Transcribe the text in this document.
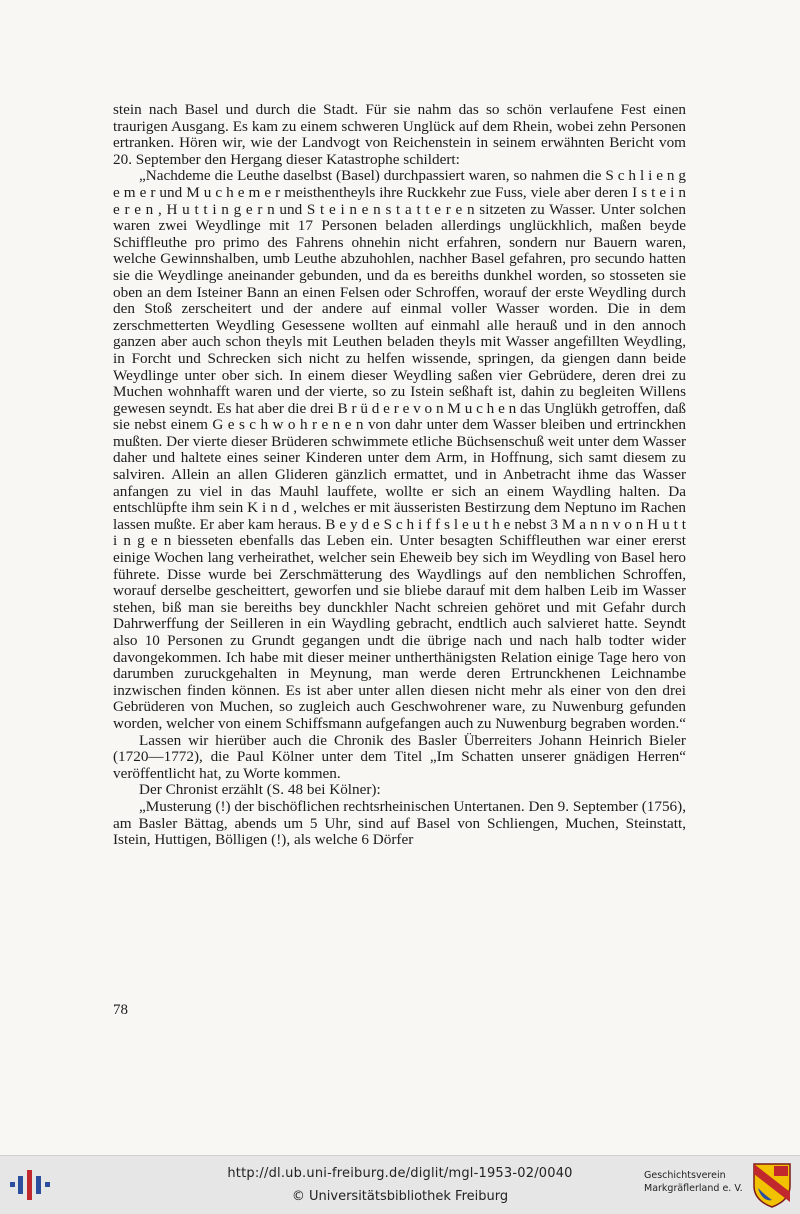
stein nach Basel und durch die Stadt. Für sie nahm das so schön verlaufene Fest einen traurigen Ausgang. Es kam zu einem schweren Unglück auf dem Rhein, wobei zehn Personen ertranken. Hören wir, wie der Landvogt von Reichenstein in seinem erwähnten Bericht vom 20. September den Hergang dieser Katastrophe schildert:

„Nachdeme die Leuthe daselbst (Basel) durchpassiert waren, so nahmen die S c h l i e n g e m e r und M u c h e m e r meisthentheyls ihre Ruckkehr zue Fuss, viele aber deren I s t e i n e r e n , H u t t i n g e r n und S t e i n e n s t a t t e r e n sitzeten zu Wasser. Unter solchen waren zwei Weydlinge mit 17 Personen beladen allerdings unglückhlich, maßen beyde Schiffleuthe pro primo des Fahrens ohnehin nicht erfahren, sondern nur Bauern waren, welche Gewinnshalben, umb Leuthe abzuhohlen, nachher Basel gefahren, pro secundo hatten sie die Weydlinge aneinander gebunden, und da es bereiths dunkhel worden, so stosseten sie oben an dem Isteiner Bann an einen Felsen oder Schroffen, worauf der erste Weydling durch den Stoß zerscheitert und der andere auf einmal voller Wasser worden. Die in dem zerschmetterten Weydling Gesessene wollten auf einmahl alle herauß und in den annoch ganzen aber auch schon theyls mit Leuthen beladen theyls mit Wasser angefillten Weydling, in Forcht und Schrecken sich nicht zu helfen wissende, springen, da giengen dann beide Weydlinge unter ober sich. In einem dieser Weydling saßen vier Gebrüdere, deren drei zu Muchen wohnhafft waren und der vierte, so zu Istein seßhaft ist, dahin zu begleiten Willens gewesen seyndt. Es hat aber die drei B r ü d e r e v o n M u c h e n das Unglükh getroffen, daß sie nebst einem G e s c h w o h r e n e n von dahr unter dem Wasser bleiben und ertrinckhen mußten. Der vierte dieser Brüderen schwimmete etliche Büchsenschuß weit unter dem Wasser daher und haltete eines seiner Kinderen unter dem Arm, in Hoffnung, sich samt diesem zu salviren. Allein an allen Glideren gänzlich ermattet, und in Anbetracht ihme das Wasser anfangen zu viel in das Mauhl lauffete, wollte er sich an einem Waydling halten. Da entschlüpfte ihm sein K i n d , welches er mit äusseristen Bestirzung dem Neptuno im Rachen lassen mußte. Er aber kam heraus. B e y d e S c h i f f s l e u t h e nebst 3 M a n n v o n H u t t i n g e n biesseten ebenfalls das Leben ein. Unter besagten Schiffleuthen war einer ererst einige Wochen lang verheirathet, welcher sein Eheweib bey sich im Weydling von Basel hero führete. Disse wurde bei Zerschmätterung des Waydlings auf den nemblichen Schroffen, worauf derselbe gescheittert, geworfen und sie bliebe darauf mit dem halben Leib im Wasser stehen, biß man sie bereiths bey dunckhler Nacht schreien gehöret und mit Gefahr durch Dahrwerffung der Seilleren in ein Waydling gebracht, endtlich auch salvieret hatte. Seyndt also 10 Personen zu Grundt gegangen undt die übrige nach und nach halb todter wider davongekommen. Ich habe mit dieser meiner untherthänigsten Relation einige Tage hero von darumben zuruckgehalten in Meynung, man werde deren Ertrunckhenen Leichnambe inzwischen finden können. Es ist aber unter allen diesen nicht mehr als einer von den drei Gebrüderen von Muchen, so zugleich auch Geschwohrener ware, zu Nuwenburg gefunden worden, welcher von einem Schiffsmann aufgefangen auch zu Nuwenburg begraben worden.“

Lassen wir hierüber auch die Chronik des Basler Überreiters Johann Heinrich Bieler (1720—1772), die Paul Kölner unter dem Titel „Im Schatten unserer gnädigen Herren“ veröffentlicht hat, zu Worte kommen.

Der Chronist erzählt (S. 48 bei Kölner):

„Musterung (!) der bischöflichen rechtsrheinischen Untertanen. Den 9. September (1756), am Basler Bättag, abends um 5 Uhr, sind auf Basel von Schliengen, Muchen, Steinstatt, Istein, Huttigen, Bölligen (!), als welche 6 Dörfer

78
http://dl.ub.uni-freiburg.de/diglit/mgl-1953-02/0040
© Universitätsbibliothek Freiburg
Geschichtsverein
Markgräflerland e. V.
